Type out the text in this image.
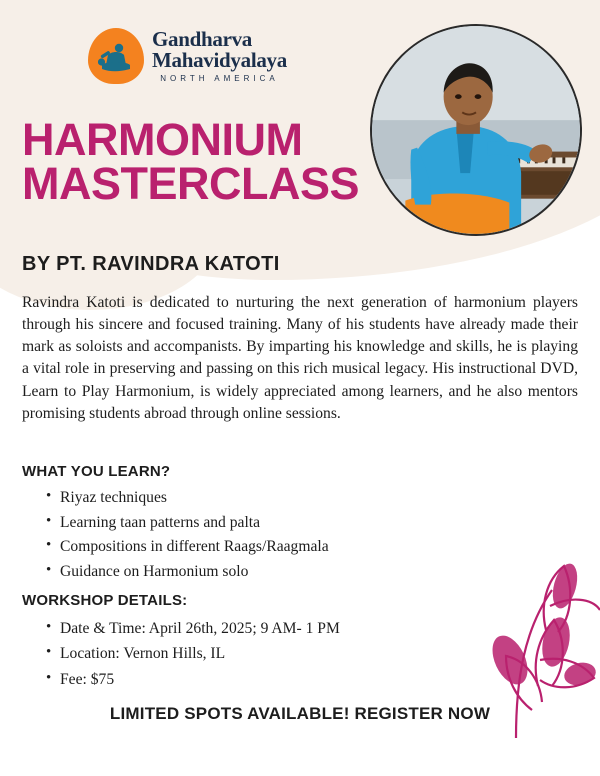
Gandharva
Mahavidyalaya
NORTH AMERICA
HARMONIUM
MASTERCLASS
BY PT. RAVINDRA KATOTI
Ravindra Katoti is dedicated to nurturing the next generation of harmonium players through his sincere and focused training. Many of his students have already made their mark as soloists and accompanists. By imparting his knowledge and skills, he is playing a vital role in preserving and passing on this rich musical legacy. His instructional DVD, Learn to Play Harmonium, is widely appreciated among learners, and he also mentors promising students abroad through online sessions.
WHAT YOU LEARN?
• Riyaz techniques
• Learning taan patterns and palta
• Compositions in different Raags/Raagmala
• Guidance on Harmonium solo
WORKSHOP DETAILS:
• Date & Time: April 26th, 2025; 9 AM- 1 PM
• Location: Vernon Hills, IL
• Fee: $75
LIMITED SPOTS AVAILABLE! REGISTER NOW
